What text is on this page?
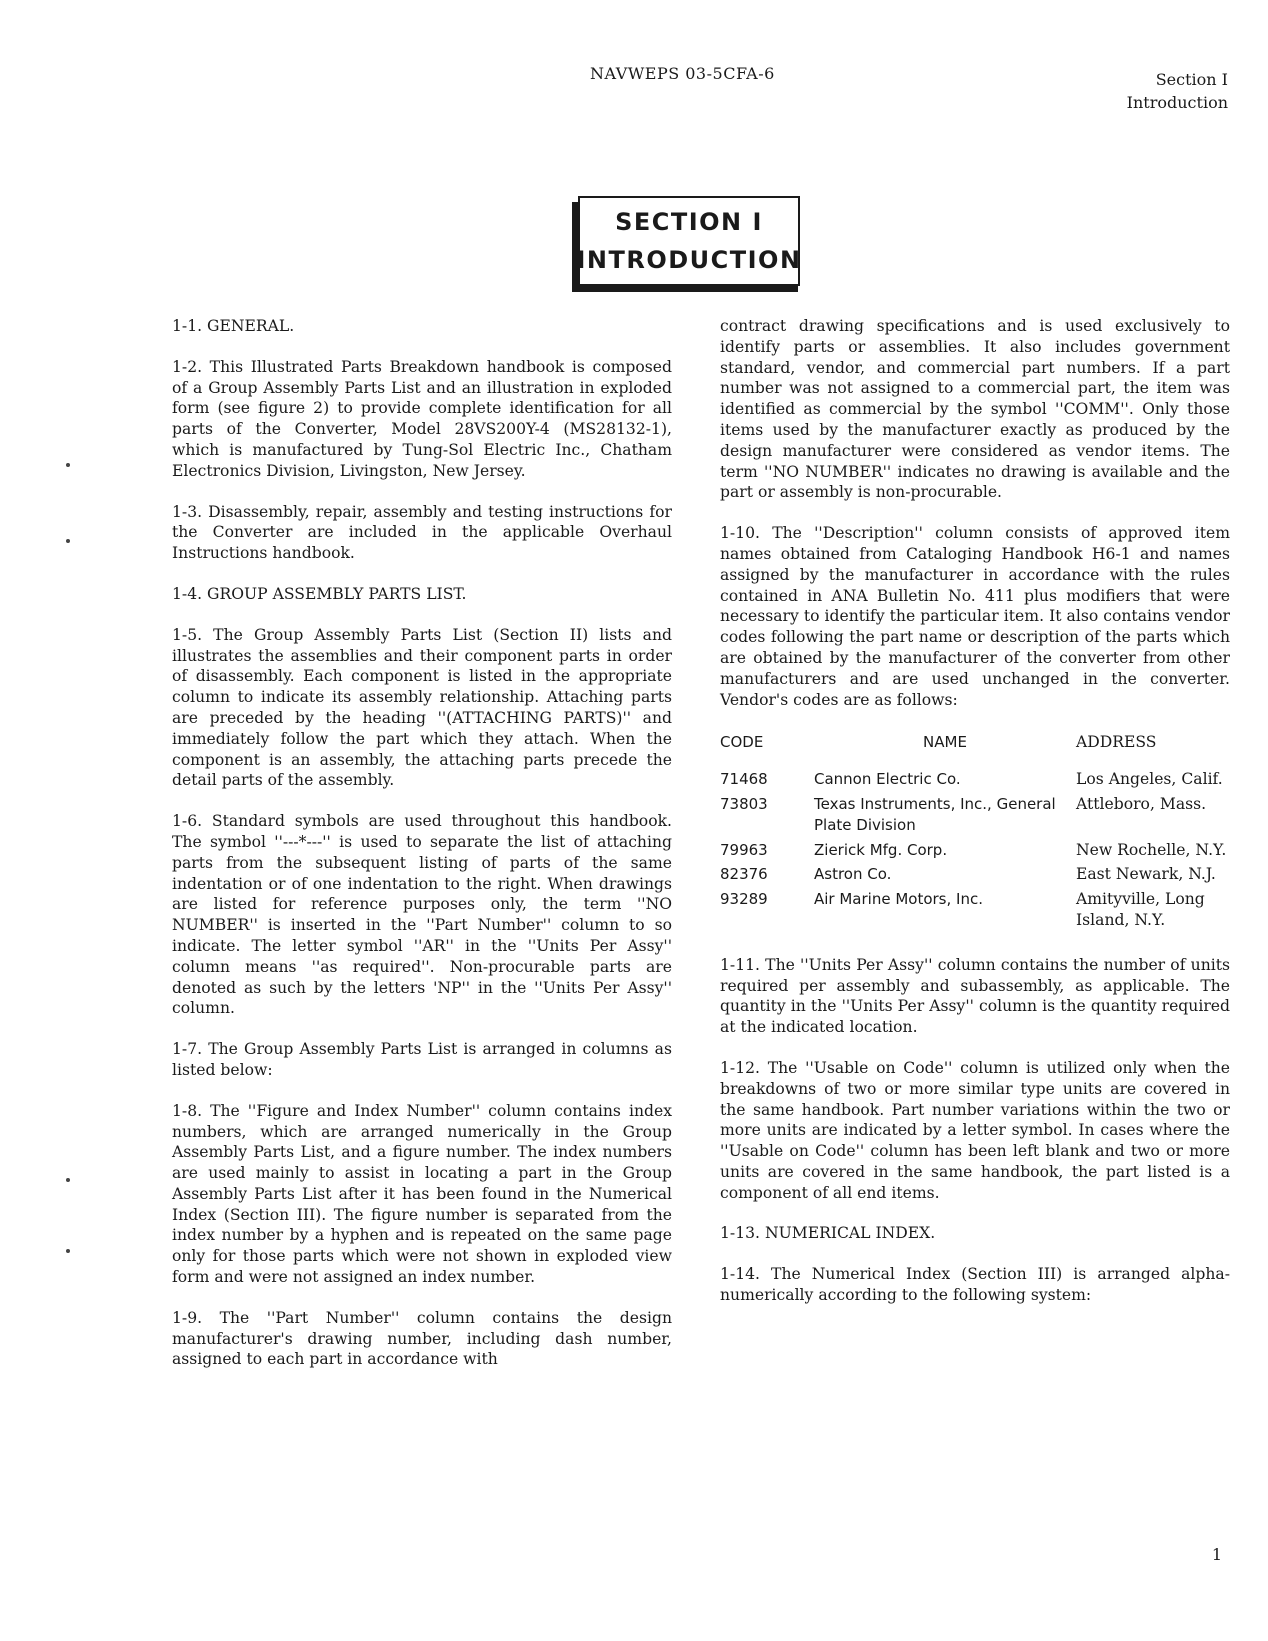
NAVWEPS 03-5CFA-6	Section I
Introduction
SECTION I
INTRODUCTION

1-1. GENERAL.

1-2. This Illustrated Parts Breakdown handbook is composed of a Group Assembly Parts List and an illustration in exploded form (see figure 2) to provide complete identification for all parts of the Converter, Model 28VS200Y-4 (MS28132-1), which is manufactured by Tung-Sol Electric Inc., Chatham Electronics Division, Livingston, New Jersey.

1-3. Disassembly, repair, assembly and testing instructions for the Converter are included in the applicable Overhaul Instructions handbook.

1-4. GROUP ASSEMBLY PARTS LIST.

1-5. The Group Assembly Parts List (Section II) lists and illustrates the assemblies and their component parts in order of disassembly. Each component is listed in the appropriate column to indicate its assembly relationship. Attaching parts are preceded by the heading ''(ATTACHING PARTS)'' and immediately follow the part which they attach. When the component is an assembly, the attaching parts precede the detail parts of the assembly.

1-6. Standard symbols are used throughout this handbook. The symbol ''---*---'' is used to separate the list of attaching parts from the subsequent listing of parts of the same indentation or of one indentation to the right. When drawings are listed for reference purposes only, the term ''NO NUMBER'' is inserted in the ''Part Number'' column to so indicate. The letter symbol ''AR'' in the ''Units Per Assy'' column means ''as required''. Non-procurable parts are denoted as such by the letters 'NP'' in the ''Units Per Assy'' column.

1-7. The Group Assembly Parts List is arranged in columns as listed below:

1-8. The ''Figure and Index Number'' column contains index numbers, which are arranged numerically in the Group Assembly Parts List, and a figure number. The index numbers are used mainly to assist in locating a part in the Group Assembly Parts List after it has been found in the Numerical Index (Section III). The figure number is separated from the index number by a hyphen and is repeated on the same page only for those parts which were not shown in exploded view form and were not assigned an index number.

1-9. The ''Part Number'' column contains the design manufacturer's drawing number, including dash number, assigned to each part in accordance with

contract drawing specifications and is used exclusively to identify parts or assemblies. It also includes government standard, vendor, and commercial part numbers. If a part number was not assigned to a commercial part, the item was identified as commercial by the symbol ''COMM''. Only those items used by the manufacturer exactly as produced by the design manufacturer were considered as vendor items. The term ''NO NUMBER'' indicates no drawing is available and the part or assembly is non-procurable.

1-10. The ''Description'' column consists of approved item names obtained from Cataloging Handbook H6-1 and names assigned by the manufacturer in accordance with the rules contained in ANA Bulletin No. 411 plus modifiers that were necessary to identify the particular item. It also contains vendor codes following the part name or description of the parts which are obtained by the manufacturer of the converter from other manufacturers and are used unchanged in the converter. Vendor's codes are as follows:

CODE	NAME	ADDRESS
71468	Cannon Electric Co.	Los Angeles, Calif.
73803	Texas Instruments, Inc., General Plate Division	Attleboro, Mass.
79963	Zierick Mfg. Corp.	New Rochelle, N.Y.
82376	Astron Co.	East Newark, N.J.
93289	Air Marine Motors, Inc.	Amityville, Long Island, N.Y.

1-11. The ''Units Per Assy'' column contains the number of units required per assembly and subassembly, as applicable. The quantity in the ''Units Per Assy'' column is the quantity required at the indicated location.

1-12. The ''Usable on Code'' column is utilized only when the breakdowns of two or more similar type units are covered in the same handbook. Part number variations within the two or more units are indicated by a letter symbol. In cases where the ''Usable on Code'' column has been left blank and two or more units are covered in the same handbook, the part listed is a component of all end items.

1-13. NUMERICAL INDEX.

1-14. The Numerical Index (Section III) is arranged alpha-numerically according to the following system:

1
